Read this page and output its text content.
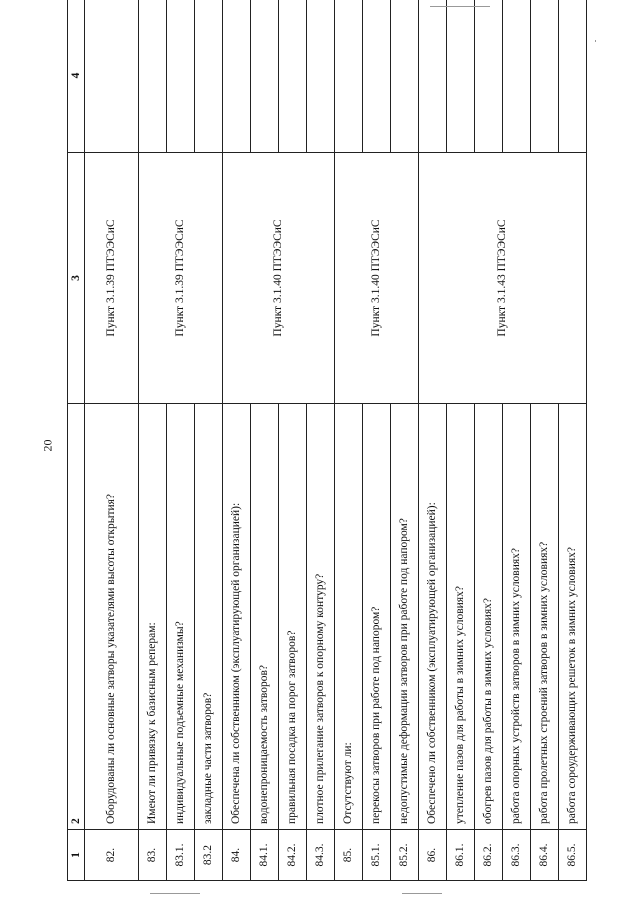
20
1	2	3	4
82.	Оборудованы ли основные затворы указателями высоты открытия?	Пункт 3.1.39 ПТЭЭСиС	
83.	Имеют ли привязку к базисным реперам:	Пункт 3.1.39 ПТЭЭСиС	
83.1.	индивидуальные подъемные механизмы?		
83.2	закладные части затворов?		
84.	Обеспечена ли собственником (эксплуатирующей организацией):	Пункт 3.1.40 ПТЭЭСиС	
84.1.	водонепроницаемость затворов?		
84.2.	правильная посадка на порог затворов?		
84.3.	плотное прилегание затворов к опорному контуру?		
85.	Отсутствуют ли:	Пункт 3.1.40 ПТЭЭСиС	
85.1.	перекосы затворов при работе под напором?		
85.2.	недопустимые деформации затворов при работе под напором?		
86.	Обеспечено ли собственником (эксплуатирующей организацией):	Пункт 3.1.43 ПТЭЭСиС	
86.1.	утепление пазов для работы в зимних условиях?		
86.2.	обогрев пазов для работы в зимних условиях?		
86.3.	работа опорных устройств затворов в зимних условиях?		
86.4.	работа пролетных строений затворов в зимних условиях?		
86.5.	работа сороудерживающих решеток в зимних условиях?		
